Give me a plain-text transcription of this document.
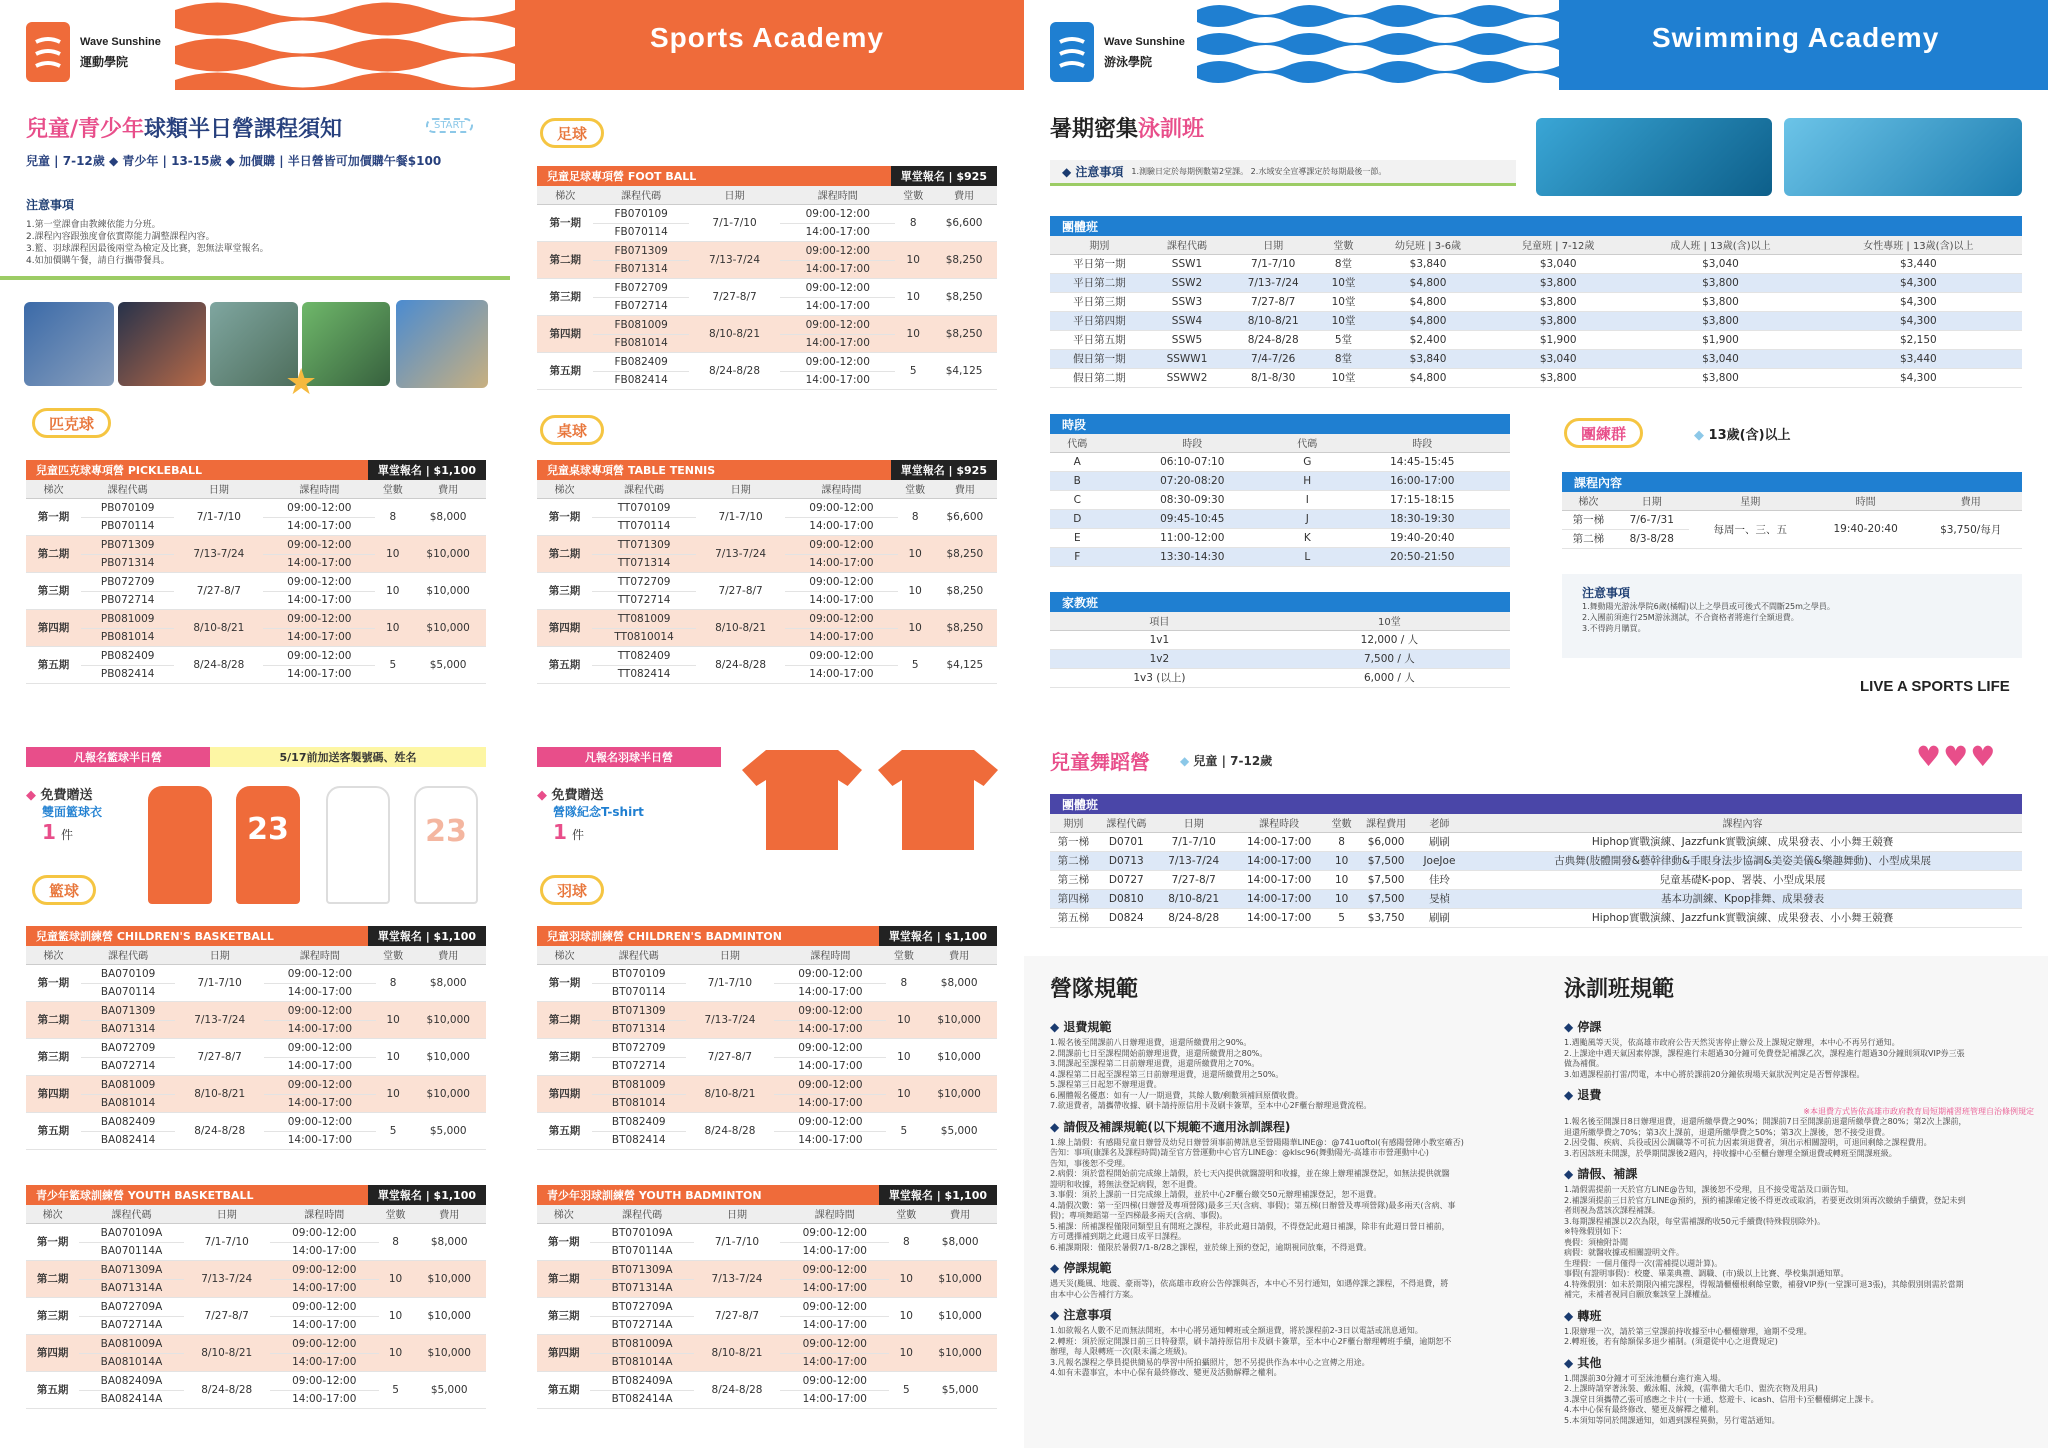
Wave Sunshine
運動學院
Sports Academy
兒童/青少年球類半日營課程須知	START
兒童 | 7-12歲 ◆ 青少年 | 13-15歲 ◆ 加價購 | 半日營皆可加價購午餐$100
注意事項
1.第一堂課會由教練依能力分班。
2.課程內容跟強度會依實際能力調整課程內容。
3.籃、羽球課程因最後兩堂為檢定及比賽，恕無法單堂報名。
4.如加價購午餐，請自行攜帶餐具。
★
匹克球
足球
桌球
籃球	羽球
兒童匹克球專項營 PICKLEBALL	單堂報名 | $1,100
梯次	課程代碼	日期	課程時間	堂數	費用
第一期	PB070109	7/1-7/10	09:00-12:00	8	$8,000
	PB070114		14:00-17:00		
第二期	PB071309	7/13-7/24	09:00-12:00	10	$10,000
	PB071314		14:00-17:00		
第三期	PB072709	7/27-8/7	09:00-12:00	10	$10,000
	PB072714		14:00-17:00		
第四期	PB081009	8/10-8/21	09:00-12:00	10	$10,000
	PB081014		14:00-17:00		
第五期	PB082409	8/24-8/28	09:00-12:00	5	$5,000
	PB082414		14:00-17:00		
兒童足球專項營 FOOT BALL	單堂報名 | $925
梯次	課程代碼	日期	課程時間	堂數	費用
第一期	FB070109	7/1-7/10	09:00-12:00	8	$6,600
	FB070114		14:00-17:00		
第二期	FB071309	7/13-7/24	09:00-12:00	10	$8,250
	FB071314		14:00-17:00		
第三期	FB072709	7/27-8/7	09:00-12:00	10	$8,250
	FB072714		14:00-17:00		
第四期	FB081009	8/10-8/21	09:00-12:00	10	$8,250
	FB081014		14:00-17:00		
第五期	FB082409	8/24-8/28	09:00-12:00	5	$4,125
	FB082414		14:00-17:00		
兒童桌球專項營 TABLE TENNIS	單堂報名 | $925
梯次	課程代碼	日期	課程時間	堂數	費用
第一期	TT070109	7/1-7/10	09:00-12:00	8	$6,600
	TT070114		14:00-17:00		
第二期	TT071309	7/13-7/24	09:00-12:00	10	$8,250
	TT071314		14:00-17:00		
第三期	TT072709	7/27-8/7	09:00-12:00	10	$8,250
	TT072714		14:00-17:00		
第四期	TT081009	8/10-8/21	09:00-12:00	10	$8,250
	TT0810014		14:00-17:00		
第五期	TT082409	8/24-8/28	09:00-12:00	5	$4,125
	TT082414		14:00-17:00		
兒童籃球訓練營 CHILDREN'S BASKETBALL	單堂報名 | $1,100
梯次	課程代碼	日期	課程時間	堂數	費用
第一期	BA070109	7/1-7/10	09:00-12:00	8	$8,000
	BA070114		14:00-17:00		
第二期	BA071309	7/13-7/24	09:00-12:00	10	$10,000
	BA071314		14:00-17:00		
第三期	BA072709	7/27-8/7	09:00-12:00	10	$10,000
	BA072714		14:00-17:00		
第四期	BA081009	8/10-8/21	09:00-12:00	10	$10,000
	BA081014		14:00-17:00		
第五期	BA082409	8/24-8/28	09:00-12:00	5	$5,000
	BA082414		14:00-17:00		
兒童羽球訓練營 CHILDREN'S BADMINTON	單堂報名 | $1,100
梯次	課程代碼	日期	課程時間	堂數	費用
第一期	BT070109	7/1-7/10	09:00-12:00	8	$8,000
	BT070114		14:00-17:00		
第二期	BT071309	7/13-7/24	09:00-12:00	10	$10,000
	BT071314		14:00-17:00		
第三期	BT072709	7/27-8/7	09:00-12:00	10	$10,000
	BT072714		14:00-17:00		
第四期	BT081009	8/10-8/21	09:00-12:00	10	$10,000
	BT081014		14:00-17:00		
第五期	BT082409	8/24-8/28	09:00-12:00	5	$5,000
	BT082414		14:00-17:00		
青少年籃球訓練營 YOUTH BASKETBALL	單堂報名 | $1,100
梯次	課程代碼	日期	課程時間	堂數	費用
第一期	BA070109A	7/1-7/10	09:00-12:00	8	$8,000
	BA070114A		14:00-17:00		
第二期	BA071309A	7/13-7/24	09:00-12:00	10	$10,000
	BA071314A		14:00-17:00		
第三期	BA072709A	7/27-8/7	09:00-12:00	10	$10,000
	BA072714A		14:00-17:00		
第四期	BA081009A	8/10-8/21	09:00-12:00	10	$10,000
	BA081014A		14:00-17:00		
第五期	BA082409A	8/24-8/28	09:00-12:00	5	$5,000
	BA082414A		14:00-17:00		
青少年羽球訓練營 YOUTH BADMINTON	單堂報名 | $1,100
梯次	課程代碼	日期	課程時間	堂數	費用
第一期	BT070109A	7/1-7/10	09:00-12:00	8	$8,000
	BT070114A		14:00-17:00		
第二期	BT071309A	7/13-7/24	09:00-12:00	10	$10,000
	BT071314A		14:00-17:00		
第三期	BT072709A	7/27-8/7	09:00-12:00	10	$10,000
	BT072714A		14:00-17:00		
第四期	BT081009A	8/10-8/21	09:00-12:00	10	$10,000
	BT081014A		14:00-17:00		
第五期	BT082409A	8/24-8/28	09:00-12:00	5	$5,000
	BT082414A		14:00-17:00		
凡報名籃球半日營	5/17前加送客製號碼、姓名
◆ 免費贈送
雙面籃球衣
1 件	23	23
凡報名羽球半日營
◆ 免費贈送
營隊紀念T-shirt
1 件
Wave Sunshine
游泳學院
Swimming Academy
暑期密集泳訓班
◆ 注意事項 1.測驗日定於每期例數第2堂課。 2.水域安全宣導課定於每期最後一節。
團體班
期別	課程代碼	日期	堂數	幼兒班 | 3-6歲	兒童班 | 7-12歲	成人班 | 13歲(含)以上	女性專班 | 13歲(含)以上
平日第一期	SSW1	7/1-7/10	8堂	$3,840	$3,040	$3,040	$3,440
平日第二期	SSW2	7/13-7/24	10堂	$4,800	$3,800	$3,800	$4,300
平日第三期	SSW3	7/27-8/7	10堂	$4,800	$3,800	$3,800	$4,300
平日第四期	SSW4	8/10-8/21	10堂	$4,800	$3,800	$3,800	$4,300
平日第五期	SSW5	8/24-8/28	5堂	$2,400	$1,900	$1,900	$2,150
假日第一期	SSWW1	7/4-7/26	8堂	$3,840	$3,040	$3,040	$3,440
假日第二期	SSWW2	8/1-8/30	10堂	$4,800	$3,800	$3,800	$4,300
時段
代碼	時段	代碼	時段
A	06:10-07:10	G	14:45-15:45
B	07:20-08:20	H	16:00-17:00
C	08:30-09:30	I	17:15-18:15
D	09:45-10:45	J	18:30-19:30
E	11:00-12:00	K	19:40-20:40
F	13:30-14:30	L	20:50-21:50
家教班
項目	10堂
1v1	12,000 / 人
1v2	7,500 / 人
1v3 (以上)	6,000 / 人
團練群	◆ 13歲(含)以上
課程內容
梯次	日期	星期	時間	費用
第一梯	7/6-7/31	每周一、三、五	19:40-20:40	$3,750/每月
第二梯	8/3-8/28			
注意事項
1.舞動陽光游泳學院6歲(橘帽)以上之學員或可後式不間斷25m之學員。
2.入團前須進行25M游泳測試，不合資格者將進行全額退費。
3.不得跨月購買。
LIVE A SPORTS LIFE
兒童舞蹈營	◆ 兒童 | 7-12歲	♥♥♥
團體班
期別	課程代碼	日期	課程時段	堂數	課程費用	老師	課程內容
第一梯	D0701	7/1-7/10	14:00-17:00	8	$6,000	刷刷	Hiphop實戰演練、Jazzfunk實戰演練、成果發表、小小舞王競賽
第二梯	D0713	7/13-7/24	14:00-17:00	10	$7,500	JoeJoe	古典舞(肢體開發&藝幹律動&手眼身法步協調&美姿美儀&樂趣舞動)、小型成果展
第三梯	D0727	7/27-8/7	14:00-17:00	10	$7,500	佳玲	兒童基礎K-pop、署裝、小型成果展
第四梯	D0810	8/10-8/21	14:00-17:00	10	$7,500	旻楨	基本功訓練、Kpop排舞、成果發表
第五梯	D0824	8/24-8/28	14:00-17:00	5	$3,750	刷刷	Hiphop實戰演練、Jazzfunk實戰演練、成果發表、小小舞王競賽
營隊規範	泳訓班規範
◆ 退費規範

1.報名後至開課前八日辦理退費，退還所繳費用之90%。

2.開課前七日至課程開始前辦理退費，退還所繳費用之80%。

3.開課起至課程第二日前辦理退費，退還所繳費用之70%。

4.課程第二日起至課程第三日前辦理退費，退還所繳費用之50%。

5.課程第三日起恕不辦理退費。

6.團體報名優惠：如有一人/一期退費，其餘人數/剩數須補回原價收費。

7.欲退費者，請攜帶收據、刷卡請持原信用卡及刷卡簽單，至本中心2F櫃台辦理退費流程。

◆ 請假及補課規範(以下規範不適用泳訓課程)

1.線上請假：有感陽兒童日辦營及幼兒日辦營須事前傳訊息至營陽陽華LINE@：@741uoftol(有感陽營陣小教室確否)

告知：事項(康課名及課程時間)請至官方營運動中心官方LINE@：@klsc96(舞動陽光-高雄市市營運動中心)

告知，事後恕不受理。

2.病假：須於當程開始前完成線上請假，於七天內提供就醫證明和收據，並在線上辦理補課登記，如無法提供就醫

證明和收據，將無法登記病假，恕不退費。

3.事假：須於上課前一日完成線上請假，並於中心2F櫃台繳交50元辦理補課登記，恕不退費。

4.請假次數：第一至四梯(日辦營及專項營隊)最多三天(含病、事假)；第五梯(日辦營及專項營隊)最多兩天(含病、事

假)；專項舞蹈第一至四梯最多兩天(含病、事假)。

5.補課：所補課程僅限同類型且有開班之課程，非於此週日請假，不得登記此週日補課，除非有此週日營日補前，

方可選擇補到期之此週日成平日課程。

6.補課期限：僅限於暑假7/1-8/28之課程，並於線上預約登記，逾期視同放棄，不得退費。

◆ 停課規範

遇天災(颱風、地震、豪雨等)，依高雄市政府公告停課與否，本中心不另行通知，如遇停課之課程，不得退費，將

由本中心公告補行方案。

◆ 注意事項

1.如欲報名人數不足而無法開班，本中心將另通知轉班或全額退費，將於課程前2-3日以電話或訊息通知。

2.轉班：須於原定開課日前三日特發票，刷卡請持原信用卡及刷卡簽單，至本中心2F櫃台辦理轉班手續，逾期恕不

辦理，每人限轉班一次(限未滿之班級)。

3.凡報名課程之學員提供簡易的學習中所拍攝照片，恕不另提供作為本中心之宣傳之用途。

4.如有未盡事宜，本中心保有最終修改、變更及活動解釋之權利。

◆ 停課

1.遇颱風等天災，依高雄市政府公告天然災害停止辦公及上課規定辦理，本中心不再另行通知。

2.上課途中遇天氣因素停課，課程進行未超過30分鐘可免費登記補課乙次，課程進行超過30分鐘則須取VIP券三張

做為補償。

3.如遇課程前打雷/閃電，本中心將於課前20分鐘依現場天氣狀況判定是否暫停課程。

◆ 退費
※本退費方式皆依高雄市政府教育局短期補習班管理自治條例規定

1.報名後至開課日8日辦理退費，退還所繳學費之90%；開課前7日至開課前退還所繳學費之80%；第2次上課前，

退還所繳學費之70%；第3次上課前，退還所繳學費之50%；第3次上課後，恕不接受退費。

2.因受傷、疾病、兵役或因公調職等不可抗力因素須退費者，須出示相關證明，可退回剩餘之課程費用。

3.若因該班未開課，於學期間課後2週內，持收據中心至櫃台辦理全額退費或轉班至開課班級。

◆ 請假、補課

1.請假需提前一天於官方LINE@告知，課後恕不受理，且不接受電話及口頭告知。

2.補課須提前三日於官方LINE@預約，預約補課確定後不得更改或取消，若要更改則須再次繳納手續費，登記未到

者則視為當該次課程補課。

3.每期課程補課以2次為限，每堂需補課酌收50元手續費(特殊假別除外)。

※特殊假別如下：

喪假：須檢附訃聞

病假：就醫收據或相關證明文件。

生理假：一個月僅得一次(需補提以週計算)。

事假(有證明事假)：校慶、畢業典禮、調職、(市)級以上比賽、學校集訓通知單。

4.特殊假別：如未於期限內補完課程，得報請櫃檯根剩餘堂數，補發VIP券(一堂課可退3張)，其餘假別則需於當期

補完，未補者視同自願放棄該堂上課權益。

◆ 轉班

1.限辦理一次，請於第三堂課前持收據至中心櫃檯辦理，逾期不受理。

2.轉班後，若有餘額保多退少補制。(須還從中心之退費規定)

◆ 其他

1.開課前30分鐘才可至泳池櫃台進行進入場。

2.上課時請穿著泳裝、戴泳帽、泳鏡，(需準備大毛巾、盥洗衣物及用具)

3.課堂日須攜帶乙張可感應之卡片(一卡通、悠遊卡、icash、信用卡)至櫃檯綁定上課卡。

4.本中心保有最終修改、變更及解釋之權利。

5.本須知等同於開課通知，如遇到課程異動，另行電話通知。
